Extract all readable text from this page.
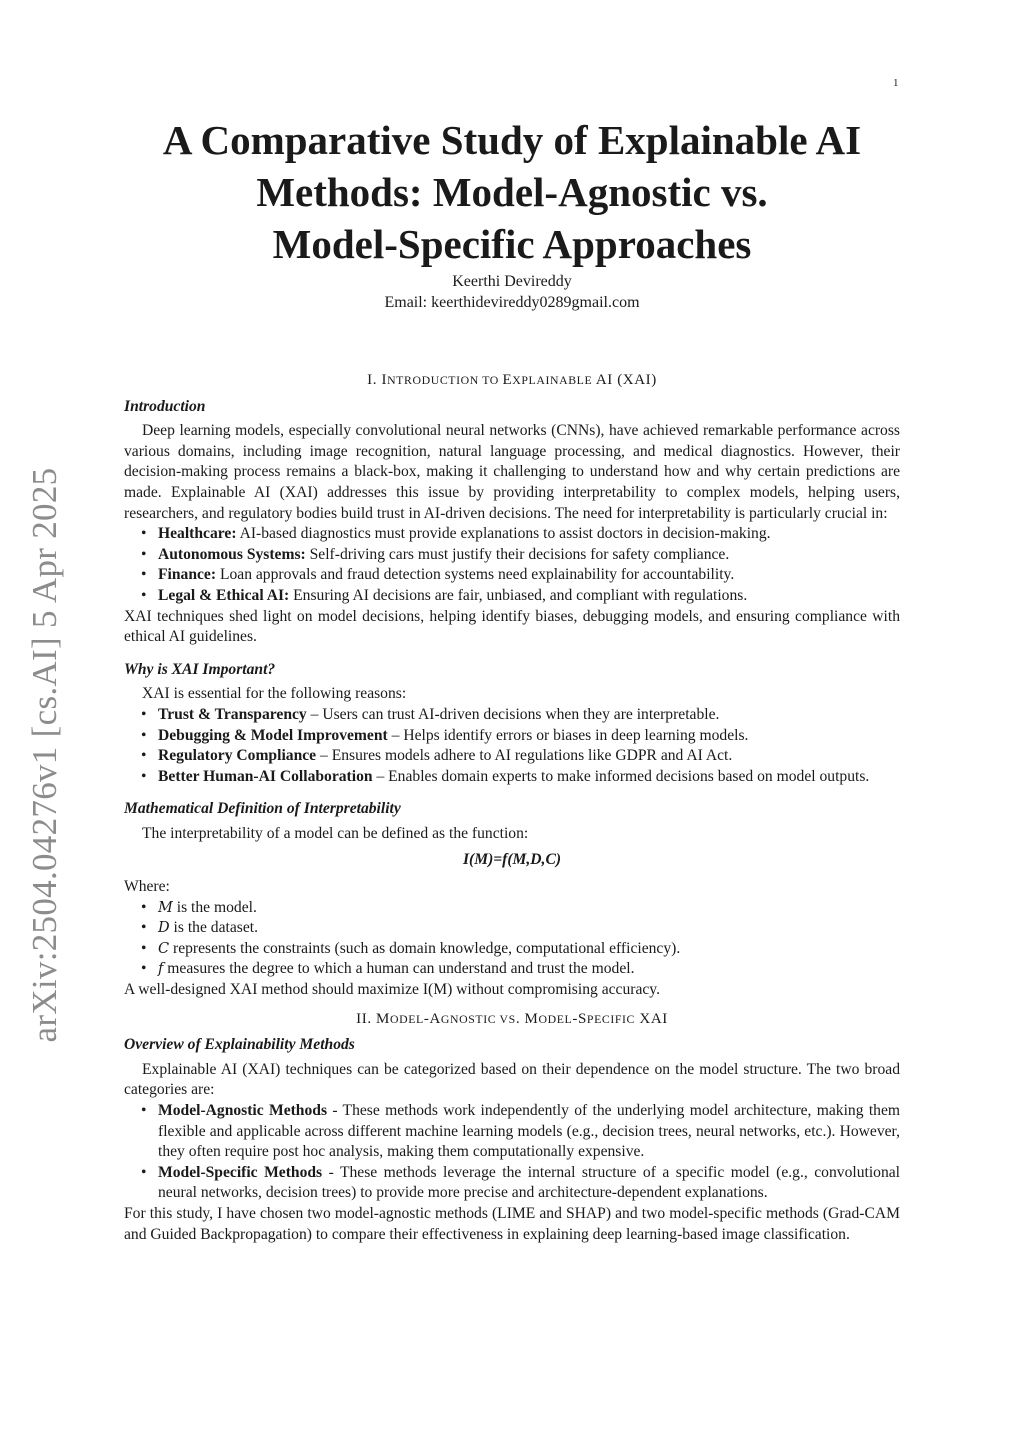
1
arXiv:2504.04276v1 [cs.AI] 5 Apr 2025
A Comparative Study of Explainable AI
Methods: Model-Agnostic vs.
Model-Specific Approaches
Keerthi Devireddy
Email: keerthidevireddy0289gmail.com
I. INTRODUCTION TO EXPLAINABLE AI (XAI)
Introduction

Deep learning models, especially convolutional neural networks (CNNs), have achieved remarkable performance across various domains, including image recognition, natural language processing, and medical diagnostics. However, their decision-making process remains a black-box, making it challenging to understand how and why certain predictions are made. Explainable AI (XAI) addresses this issue by providing interpretability to complex models, helping users, researchers, and regulatory bodies build trust in AI-driven decisions. The need for interpretability is particularly crucial in:

• Healthcare: AI-based diagnostics must provide explanations to assist doctors in decision-making.
• Autonomous Systems: Self-driving cars must justify their decisions for safety compliance.
• Finance: Loan approvals and fraud detection systems need explainability for accountability.
• Legal & Ethical AI: Ensuring AI decisions are fair, unbiased, and compliant with regulations.

XAI techniques shed light on model decisions, helping identify biases, debugging models, and ensuring compliance with ethical AI guidelines.

Why is XAI Important?

XAI is essential for the following reasons:

• Trust & Transparency – Users can trust AI-driven decisions when they are interpretable.
• Debugging & Model Improvement – Helps identify errors or biases in deep learning models.
• Regulatory Compliance – Ensures models adhere to AI regulations like GDPR and AI Act.
• Better Human-AI Collaboration – Enables domain experts to make informed decisions based on model outputs.
Mathematical Definition of Interpretability

The interpretability of a model can be defined as the function:

I(M)=f(M,D,C)

Where:

• M is the model.
• D is the dataset.
• C represents the constraints (such as domain knowledge, computational efficiency).
• f measures the degree to which a human can understand and trust the model.

A well-designed XAI method should maximize I(M) without compromising accuracy.

II. MODEL-AGNOSTIC VS. MODEL-SPECIFIC XAI
Overview of Explainability Methods

Explainable AI (XAI) techniques can be categorized based on their dependence on the model structure. The two broad categories are:

• Model-Agnostic Methods - These methods work independently of the underlying model architecture, making them flexible and applicable across different machine learning models (e.g., decision trees, neural networks, etc.). However, they often require post hoc analysis, making them computationally expensive.
• Model-Specific Methods - These methods leverage the internal structure of a specific model (e.g., convolutional neural networks, decision trees) to provide more precise and architecture-dependent explanations.

For this study, I have chosen two model-agnostic methods (LIME and SHAP) and two model-specific methods (Grad-CAM and Guided Backpropagation) to compare their effectiveness in explaining deep learning-based image classification.
